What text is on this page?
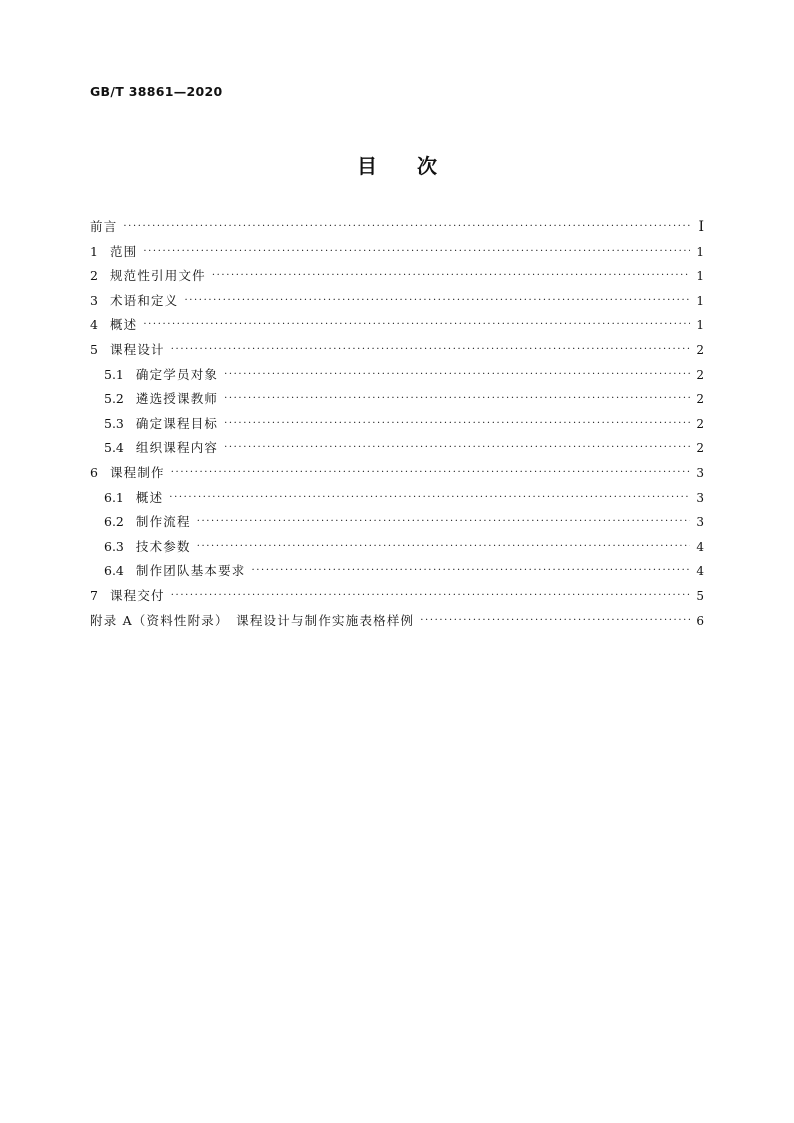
GB/T 38861—2020
目次
前言 ·····	Ⅰ
1 范围 ·····	1
2 规范性引用文件 ·····	1
3 术语和定义 ·····	1
4 概述 ·····	1
5 课程设计 ·····	2
5.1 确定学员对象 ·····	2
5.2 遴选授课教师 ·····	2
5.3 确定课程目标 ·····	2
5.4 组织课程内容 ·····	2
6 课程制作 ·····	3
6.1 概述 ·····	3
6.2 制作流程 ·····	3
6.3 技术参数 ·····	4
6.4 制作团队基本要求 ·····	4
7 课程交付 ·····	5
附录 A（资料性附录）　课程设计与制作实施表格样例 ·····	6
